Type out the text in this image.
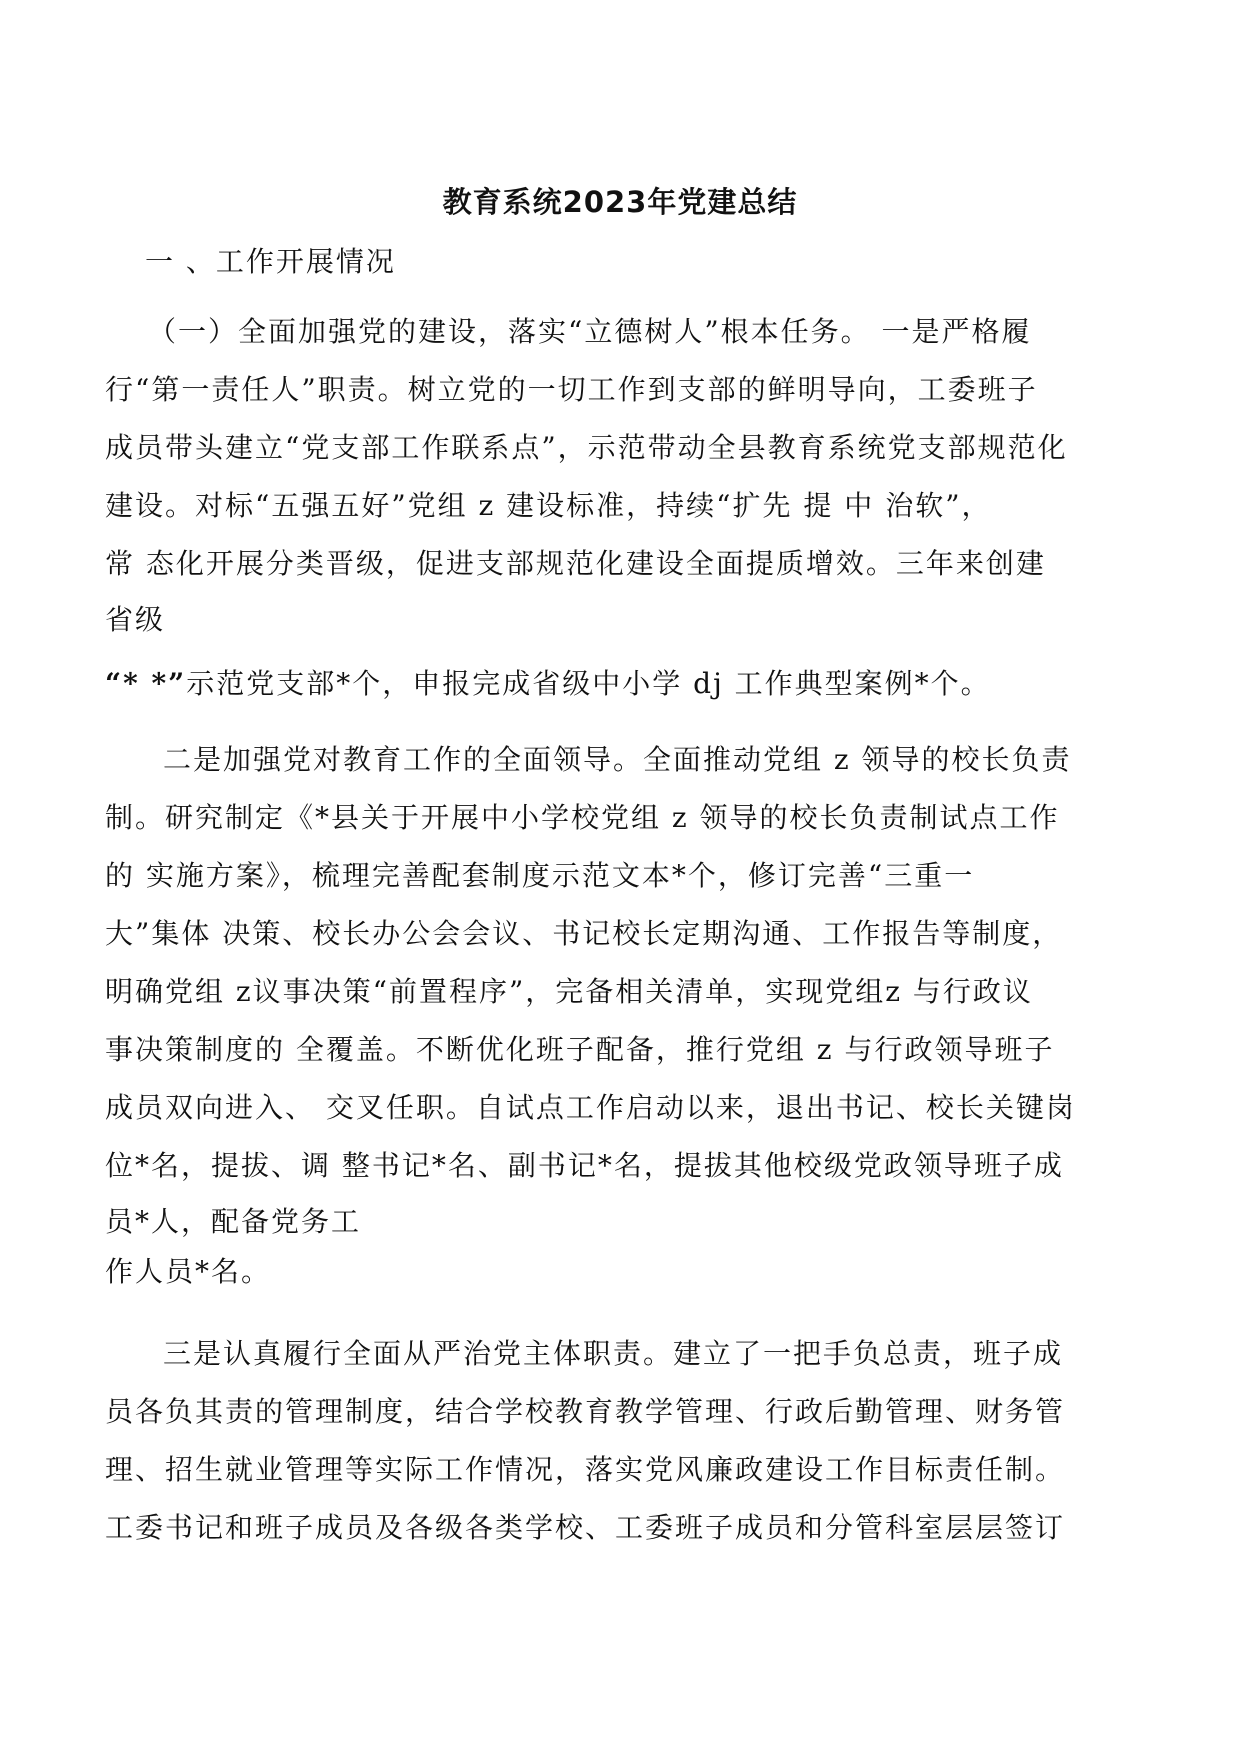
教育系统2023年党建总结
一 、工作开展情况
（一）全面加强党的建设，落实“立德树人”根本任务。 一是严格履
行“第一责任人”职责。树立党的一切工作到支部的鲜明导向，工委班子
成员带头建立“党支部工作联系点”，示范带动全县教育系统党支部规范化
建设。对标“五强五好”党组 z 建设标准，持续“扩先 提 中 治软”，
常 态化开展分类晋级，促进支部规范化建设全面提质增效。三年来创建
省级
“* *”示范党支部*个，申报完成省级中小学 dj 工作典型案例*个。
二是加强党对教育工作的全面领导。全面推动党组 z 领导的校长负责
制。研究制定《*县关于开展中小学校党组 z 领导的校长负责制试点工作
的 实施方案》，梳理完善配套制度示范文本*个，修订完善“三重一
大”集体 决策、校长办公会会议、书记校长定期沟通、工作报告等制度，
明确党组 z议事决策“前置程序”，完备相关清单，实现党组z 与行政议
事决策制度的 全覆盖。不断优化班子配备，推行党组 z 与行政领导班子
成员双向进入、 交叉任职。自试点工作启动以来，退出书记、校长关键岗
位*名，提拔、调 整书记*名、副书记*名，提拔其他校级党政领导班子成
员*人，配备党务工
作人员*名。
三是认真履行全面从严治党主体职责。建立了一把手负总责，班子成
员各负其责的管理制度，结合学校教育教学管理、行政后勤管理、财务管
理、招生就业管理等实际工作情况，落实党风廉政建设工作目标责任制。
工委书记和班子成员及各级各类学校、工委班子成员和分管科室层层签订
